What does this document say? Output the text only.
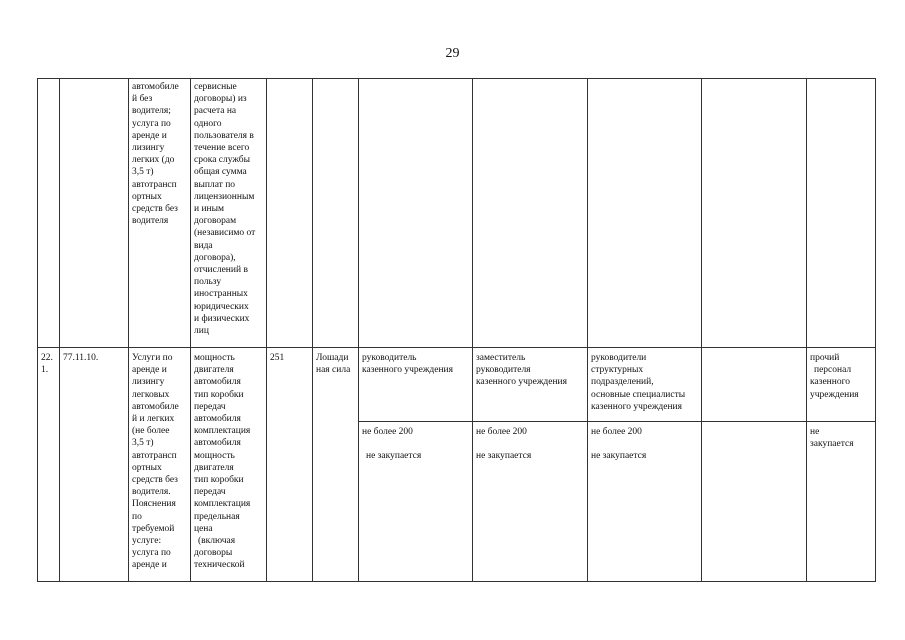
29
автомобиле
й без
водителя;
услуга по
аренде и
лизингу
легких (до
3,5 т)
автотрансп
ортных
средств без
водителя
сервисные
договоры) из
расчета на
одного
пользователя в
течение всего
срока службы
общая сумма
выплат по
лицензионным
и иным
договорам
(независимо от
вида
договора),
отчислений в
пользу
иностранных
юридических
и физических
лиц
22.
1.
77.11.10.	Услуги по
аренде и
лизингу
легковых
автомобиле
й и легких
(не более
3,5 т)
автотрансп
ортных
средств без
водителя.
Пояснения
по
требуемой
услуге:
услуга по
аренде и
мощность
двигателя
автомобиля
тип коробки
передач
автомобиля
комплектация
автомобиля
мощность
двигателя
тип коробки
передач
комплектация
предельная
цена
(включая
договоры
технической
251	Лошади
ная сила
руководитель
казенного учреждения
заместитель
руководителя
казенного учреждения
руководители
структурных
подразделений,
основные специалисты
казенного учреждения
прочий
персонал
казенного
учреждения
не более 200
не закупается
не более 200
не закупается
не более 200
не закупается
не
закупается
